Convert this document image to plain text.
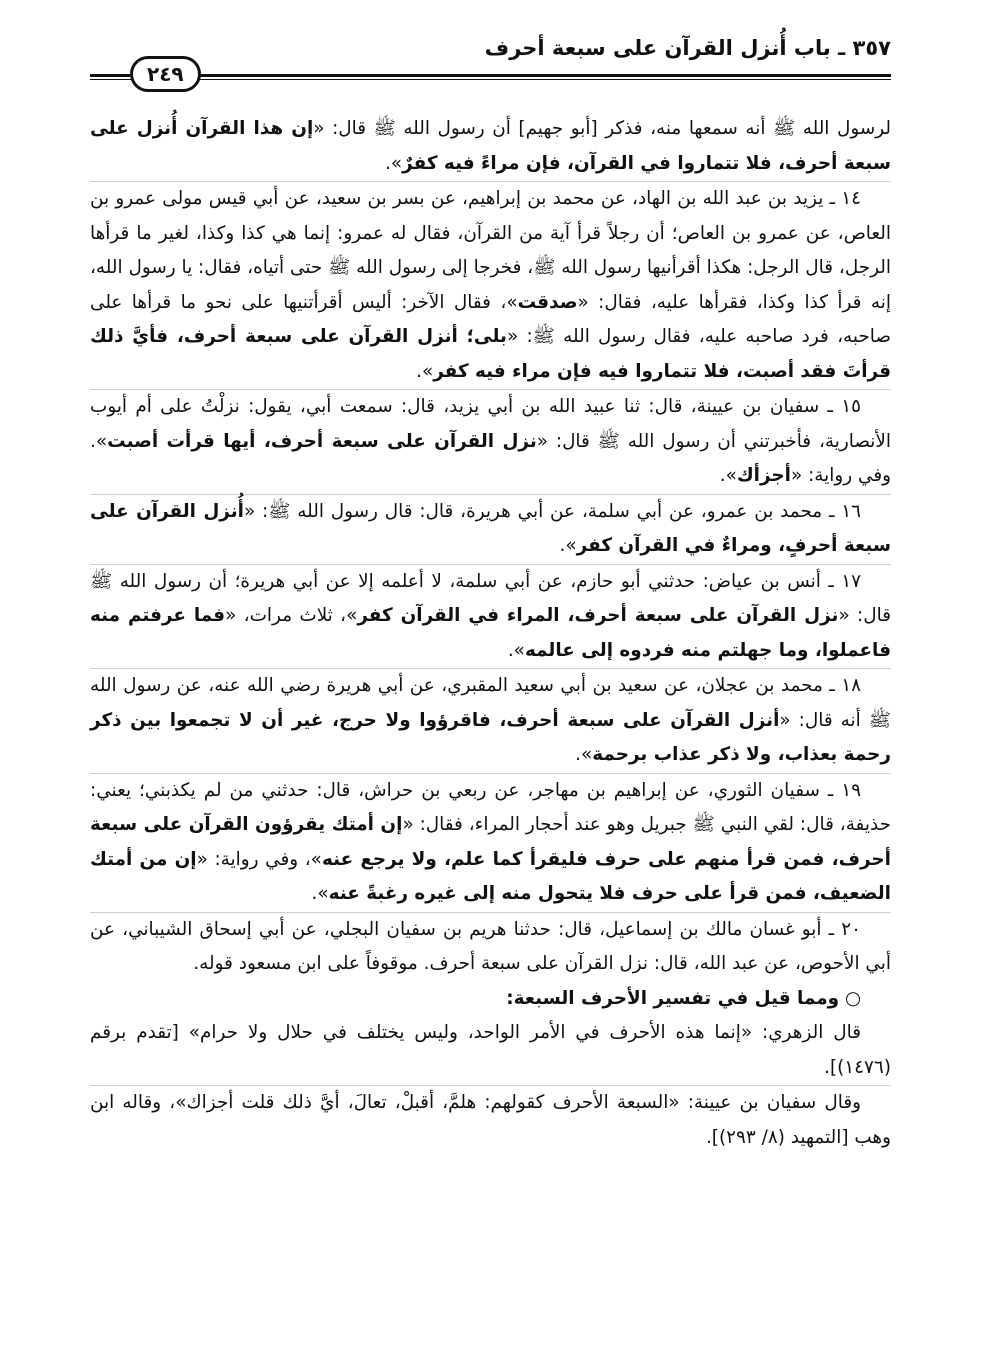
٣٥٧ ـ باب أُنزل القرآن على سبعة أحرف
٢٤٩

لرسول الله ﷺ أنه سمعها منه، فذكر [أبو جهيم] أن رسول الله ﷺ قال: «إن هذا القرآن أُنزل على سبعة أحرف، فلا تتماروا في القرآن، فإن مراءً فيه كفرٌ».

١٤ ـ يزيد بن عبد الله بن الهاد، عن محمد بن إبراهيم، عن بسر بن سعيد، عن أبي قيس مولى عمرو بن العاص، عن عمرو بن العاص؛ أن رجلاً قرأ آية من القرآن، فقال له عمرو: إنما هي كذا وكذا، لغير ما قرأها الرجل، قال الرجل: هكذا أقرأنيها رسول الله ﷺ، فخرجا إلى رسول الله ﷺ حتى أتياه، فقال: يا رسول الله، إنه قرأ كذا وكذا، فقرأها عليه، فقال: «صدقت»، فقال الآخر: أليس أقرأتنيها على نحو ما قرأها على صاحبه، فرد صاحبه عليه، فقال رسول الله ﷺ: «بلى؛ أنزل القرآن على سبعة أحرف، فأيَّ ذلك قرأتَ فقد أصبت، فلا تتماروا فيه فإن مراء فيه كفر».

١٥ ـ سفيان بن عيينة، قال: ثنا عبيد الله بن أبي يزيد، قال: سمعت أبي، يقول: نزلْتُ على أم أيوب الأنصارية، فأخبرتني أن رسول الله ﷺ قال: «نزل القرآن على سبعة أحرف، أيها قرأت أصبت». وفي رواية: «أجزأك».

١٦ ـ محمد بن عمرو، عن أبي سلمة، عن أبي هريرة، قال: قال رسول الله ﷺ: «أُنزل القرآن على سبعة أحرفٍ، ومراءٌ في القرآن كفر».

١٧ ـ أنس بن عياض: حدثني أبو حازم، عن أبي سلمة، لا أعلمه إلا عن أبي هريرة؛ أن رسول الله ﷺ قال: «نزل القرآن على سبعة أحرف، المراء في القرآن كفر»، ثلاث مرات، «فما عرفتم منه فاعملوا، وما جهلتم منه فردوه إلى عالمه».

١٨ ـ محمد بن عجلان، عن سعيد بن أبي سعيد المقبري، عن أبي هريرة رضي الله عنه، عن رسول الله ﷺ أنه قال: «أنزل القرآن على سبعة أحرف، فاقرؤوا ولا حرج، غير أن لا تجمعوا بين ذكر رحمة بعذاب، ولا ذكر عذاب برحمة».

١٩ ـ سفيان الثوري، عن إبراهيم بن مهاجر، عن ربعي بن حراش، قال: حدثني من لم يكذبني؛ يعني: حذيفة، قال: لقي النبي ﷺ جبريل وهو عند أحجار المراء، فقال: «إن أمتك يقرؤون القرآن على سبعة أحرف، فمن قرأ منهم على حرف فليقرأ كما علم، ولا يرجع عنه»، وفي رواية: «إن من أمتك الضعيف، فمن قرأ على حرف فلا يتحول منه إلى غيره رغبةً عنه».

٢٠ ـ أبو غسان مالك بن إسماعيل، قال: حدثنا هريم بن سفيان البجلي، عن أبي إسحاق الشيباني، عن أبي الأحوص، عن عبد الله، قال: نزل القرآن على سبعة أحرف. موقوفاً على ابن مسعود قوله.

○ ومما قيل في تفسير الأحرف السبعة:

قال الزهري: «إنما هذه الأحرف في الأمر الواحد، وليس يختلف في حلال ولا حرام» [تقدم برقم (١٤٧٦)].

وقال سفيان بن عيينة: «السبعة الأحرف كقولهم: هلمَّ، أقبلْ، تعالَ، أيَّ ذلك قلت أجزاك»، وقاله ابن وهب [التمهيد (٨/ ٢٩٣)].
